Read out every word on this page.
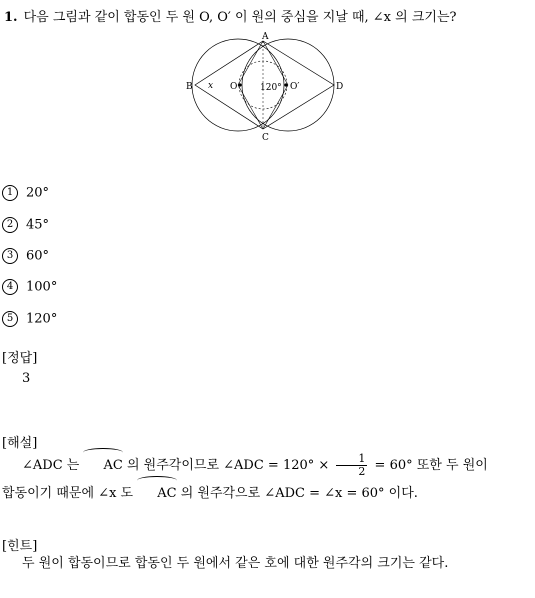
1. 다음 그림과 같이 합동인 두 원 O, O′ 이 원의 중심을 지날 때, ∠x 의 크기는?
A
B
C
D
O	O′
120°
x
1 20°
2 45°
3 60°
4 100°
5 120°
[정답]
3
[해설]
∠ADC 는 AC 의 원주각이므로 ∠ADC = $120^\circ \times \frac{1}{2} = 60^\circ$ 또한 두 원이
합동이기 때문에 ∠x 도 AC 의 원주각으로 ∠ADC = ∠x = 60° 이다.
[힌트]
두 원이 합동이므로 합동인 두 원에서 같은 호에 대한 원주각의 크기는 같다.
